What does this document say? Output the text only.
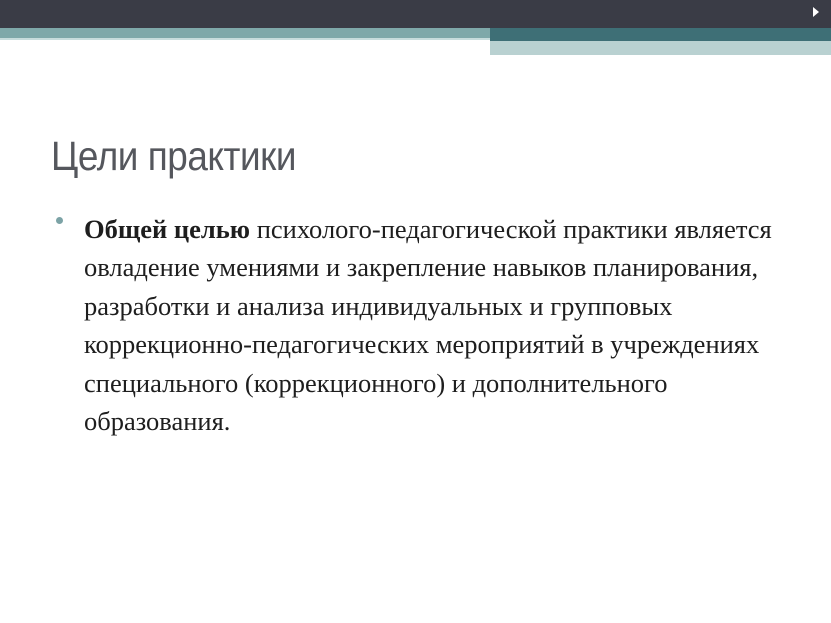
Цели практики

Общей целью психолого-педагогической практики является овладение умениями и закрепление навыков планирования, разработки и анализа индивидуальных и групповых коррекционно-педагогических мероприятий в учреждениях специального (коррекционного) и дополнительного образования.
